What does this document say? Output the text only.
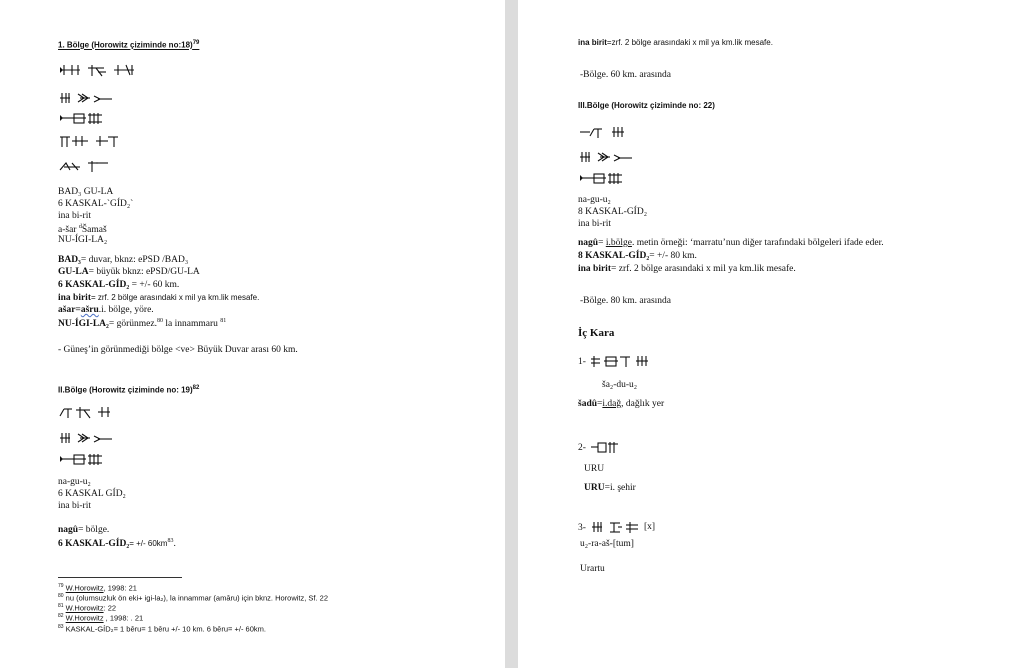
1. Bölge (Horowitz çiziminde no:18)$^{79}$
BAD₃ GU-LA
6 KASKAL-`GÍD₂`
ina bi-rit
a-šar $^d$Šamaš
NU-ÍGI-LA₂
BAD₃= duvar, bknz: ePSD /BAD₃
GU-LA= büyük bknz: ePSD/GU-LA
6 KASKAL-GÍD₂ = +/- 60 km.
ina birit= zrf. 2 bölge arasındaki x mil ya km.lik mesafe.
ašar=ašru.i. bölge, yöre.
NU-ÍGI-LA₂= görünmez.$^{80}$ la innammaru $^{81}$
- Güneş’in görünmediği bölge <ve> Büyük Duvar arası 60 km.
II.Bölge (Horowitz çiziminde no: 19)$^{82}$
na-gu-u₂
6 KASKAL GÍD₂
ina bi-rit
nagû= bölge.
6 KASKAL-GÍD₂= +/- $60km^{83}$.
$^{79}$ W.Horowitz, 1998: 21
$^{80}$ nu (olumsuzluk ön eki+ igi-la₂), la innammar (amāru) için bknz. Horowitz, Sf. 22
$^{81}$ W.Horowitz: 22
$^{82}$ W.Horowitz , 1998: . 21
$^{83}$ KASKAL-GÍD₂= 1 bēru= 1 bēru +/- 10 km. 6 bēru= +/- 60km.
ina birit=zrf. 2 bölge arasındaki x mil ya km.lik mesafe.
-Bölge. 60 km. arasında
III.Bölge (Horowitz çiziminde no: 22)
na-gu-u₂
8 KASKAL-GÍD₂
ina bi-rit
nagû= i.bölge. metin örneği: ‘marratu’nun diğer tarafındaki bölgeleri ifade eder.
8 KASKAL-GÍD₂= +/- 80 km.
ina birit= zrf. 2 bölge arasındaki x mil ya km.lik mesafe.
-Bölge. 80 km. arasında
İç Kara
1-
ša₂-du-u₂
šadû=i.dağ, dağlık yer
2-
URU
URU=i. şehir
3-	[x]
u₂-ra-aš-[tum]
Urartu
